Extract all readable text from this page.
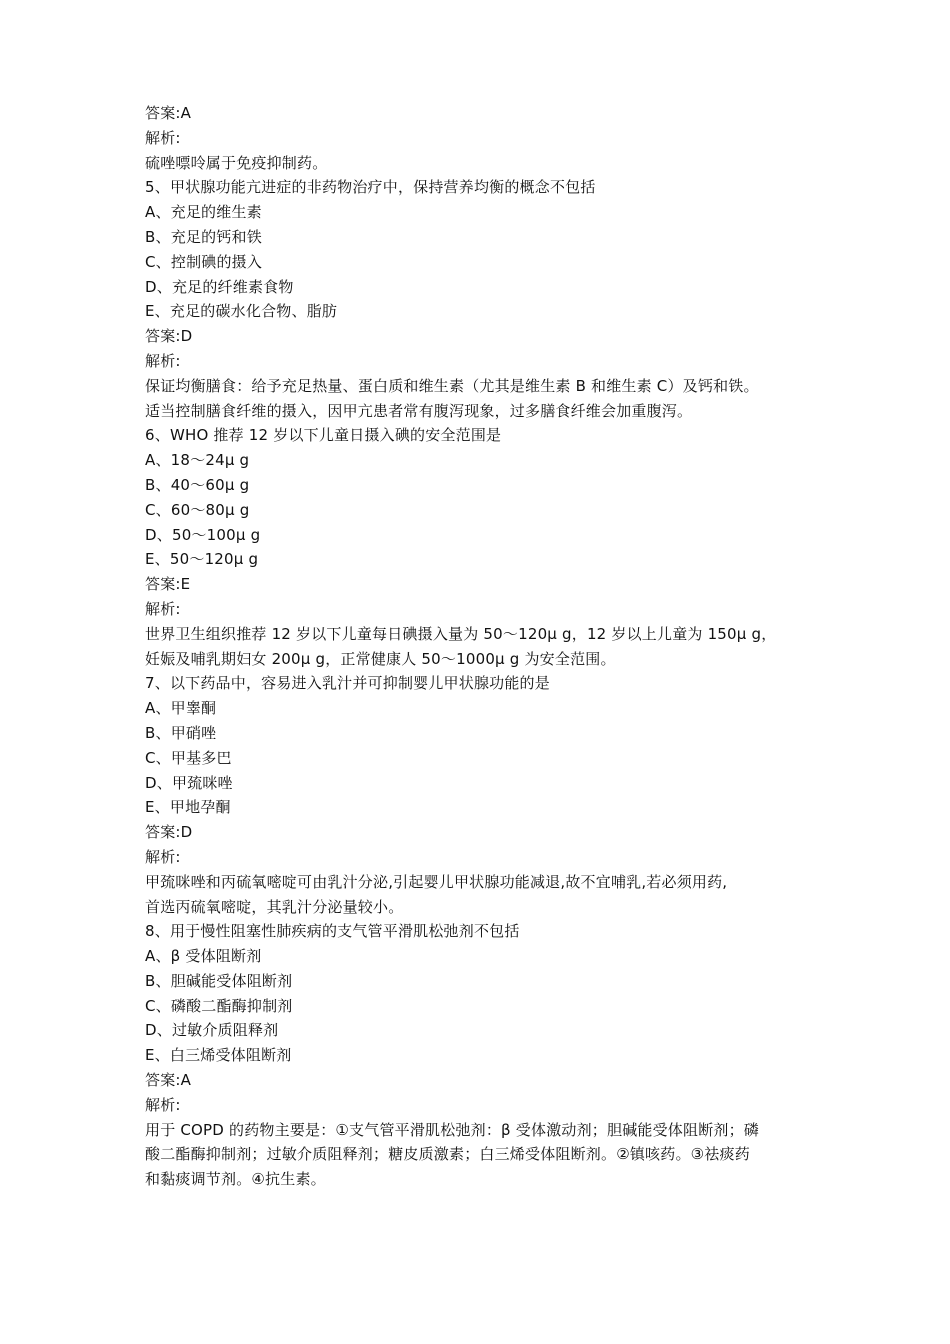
答案:A
解析:
硫唑嘌呤属于免疫抑制药。
5、甲状腺功能亢进症的非药物治疗中，保持营养均衡的概念不包括
A、充足的维生素
B、充足的钙和铁
C、控制碘的摄入
D、充足的纤维素食物
E、充足的碳水化合物、脂肪
答案:D
解析:
保证均衡膳食：给予充足热量、蛋白质和维生素（尤其是维生素 B 和维生素 C）及钙和铁。
适当控制膳食纤维的摄入，因甲亢患者常有腹泻现象，过多膳食纤维会加重腹泻。
6、WHO 推荐 12 岁以下儿童日摄入碘的安全范围是
A、18～24μ g
B、40～60μ g
C、60～80μ g
D、50～100μ g
E、50～120μ g
答案:E
解析:
世界卫生组织推荐 12 岁以下儿童每日碘摄入量为 50～120μ g，12 岁以上儿童为 150μ g，
妊娠及哺乳期妇女 200μ g，正常健康人 50～1000μ g 为安全范围。
7、以下药品中，容易进入乳汁并可抑制婴儿甲状腺功能的是
A、甲睾酮
B、甲硝唑
C、甲基多巴
D、甲巯咪唑
E、甲地孕酮
答案:D
解析:
甲巯咪唑和丙硫氧嘧啶可由乳汁分泌,引起婴儿甲状腺功能减退,故不宜哺乳,若必须用药,
首选丙硫氧嘧啶，其乳汁分泌量较小。
8、用于慢性阻塞性肺疾病的支气管平滑肌松弛剂不包括
A、β 受体阻断剂
B、胆碱能受体阻断剂
C、磷酸二酯酶抑制剂
D、过敏介质阻释剂
E、白三烯受体阻断剂
答案:A
解析:
用于 COPD 的药物主要是：①支气管平滑肌松弛剂：β 受体激动剂；胆碱能受体阻断剂；磷
酸二酯酶抑制剂；过敏介质阻释剂；糖皮质激素；白三烯受体阻断剂。②镇咳药。③祛痰药
和黏痰调节剂。④抗生素。
